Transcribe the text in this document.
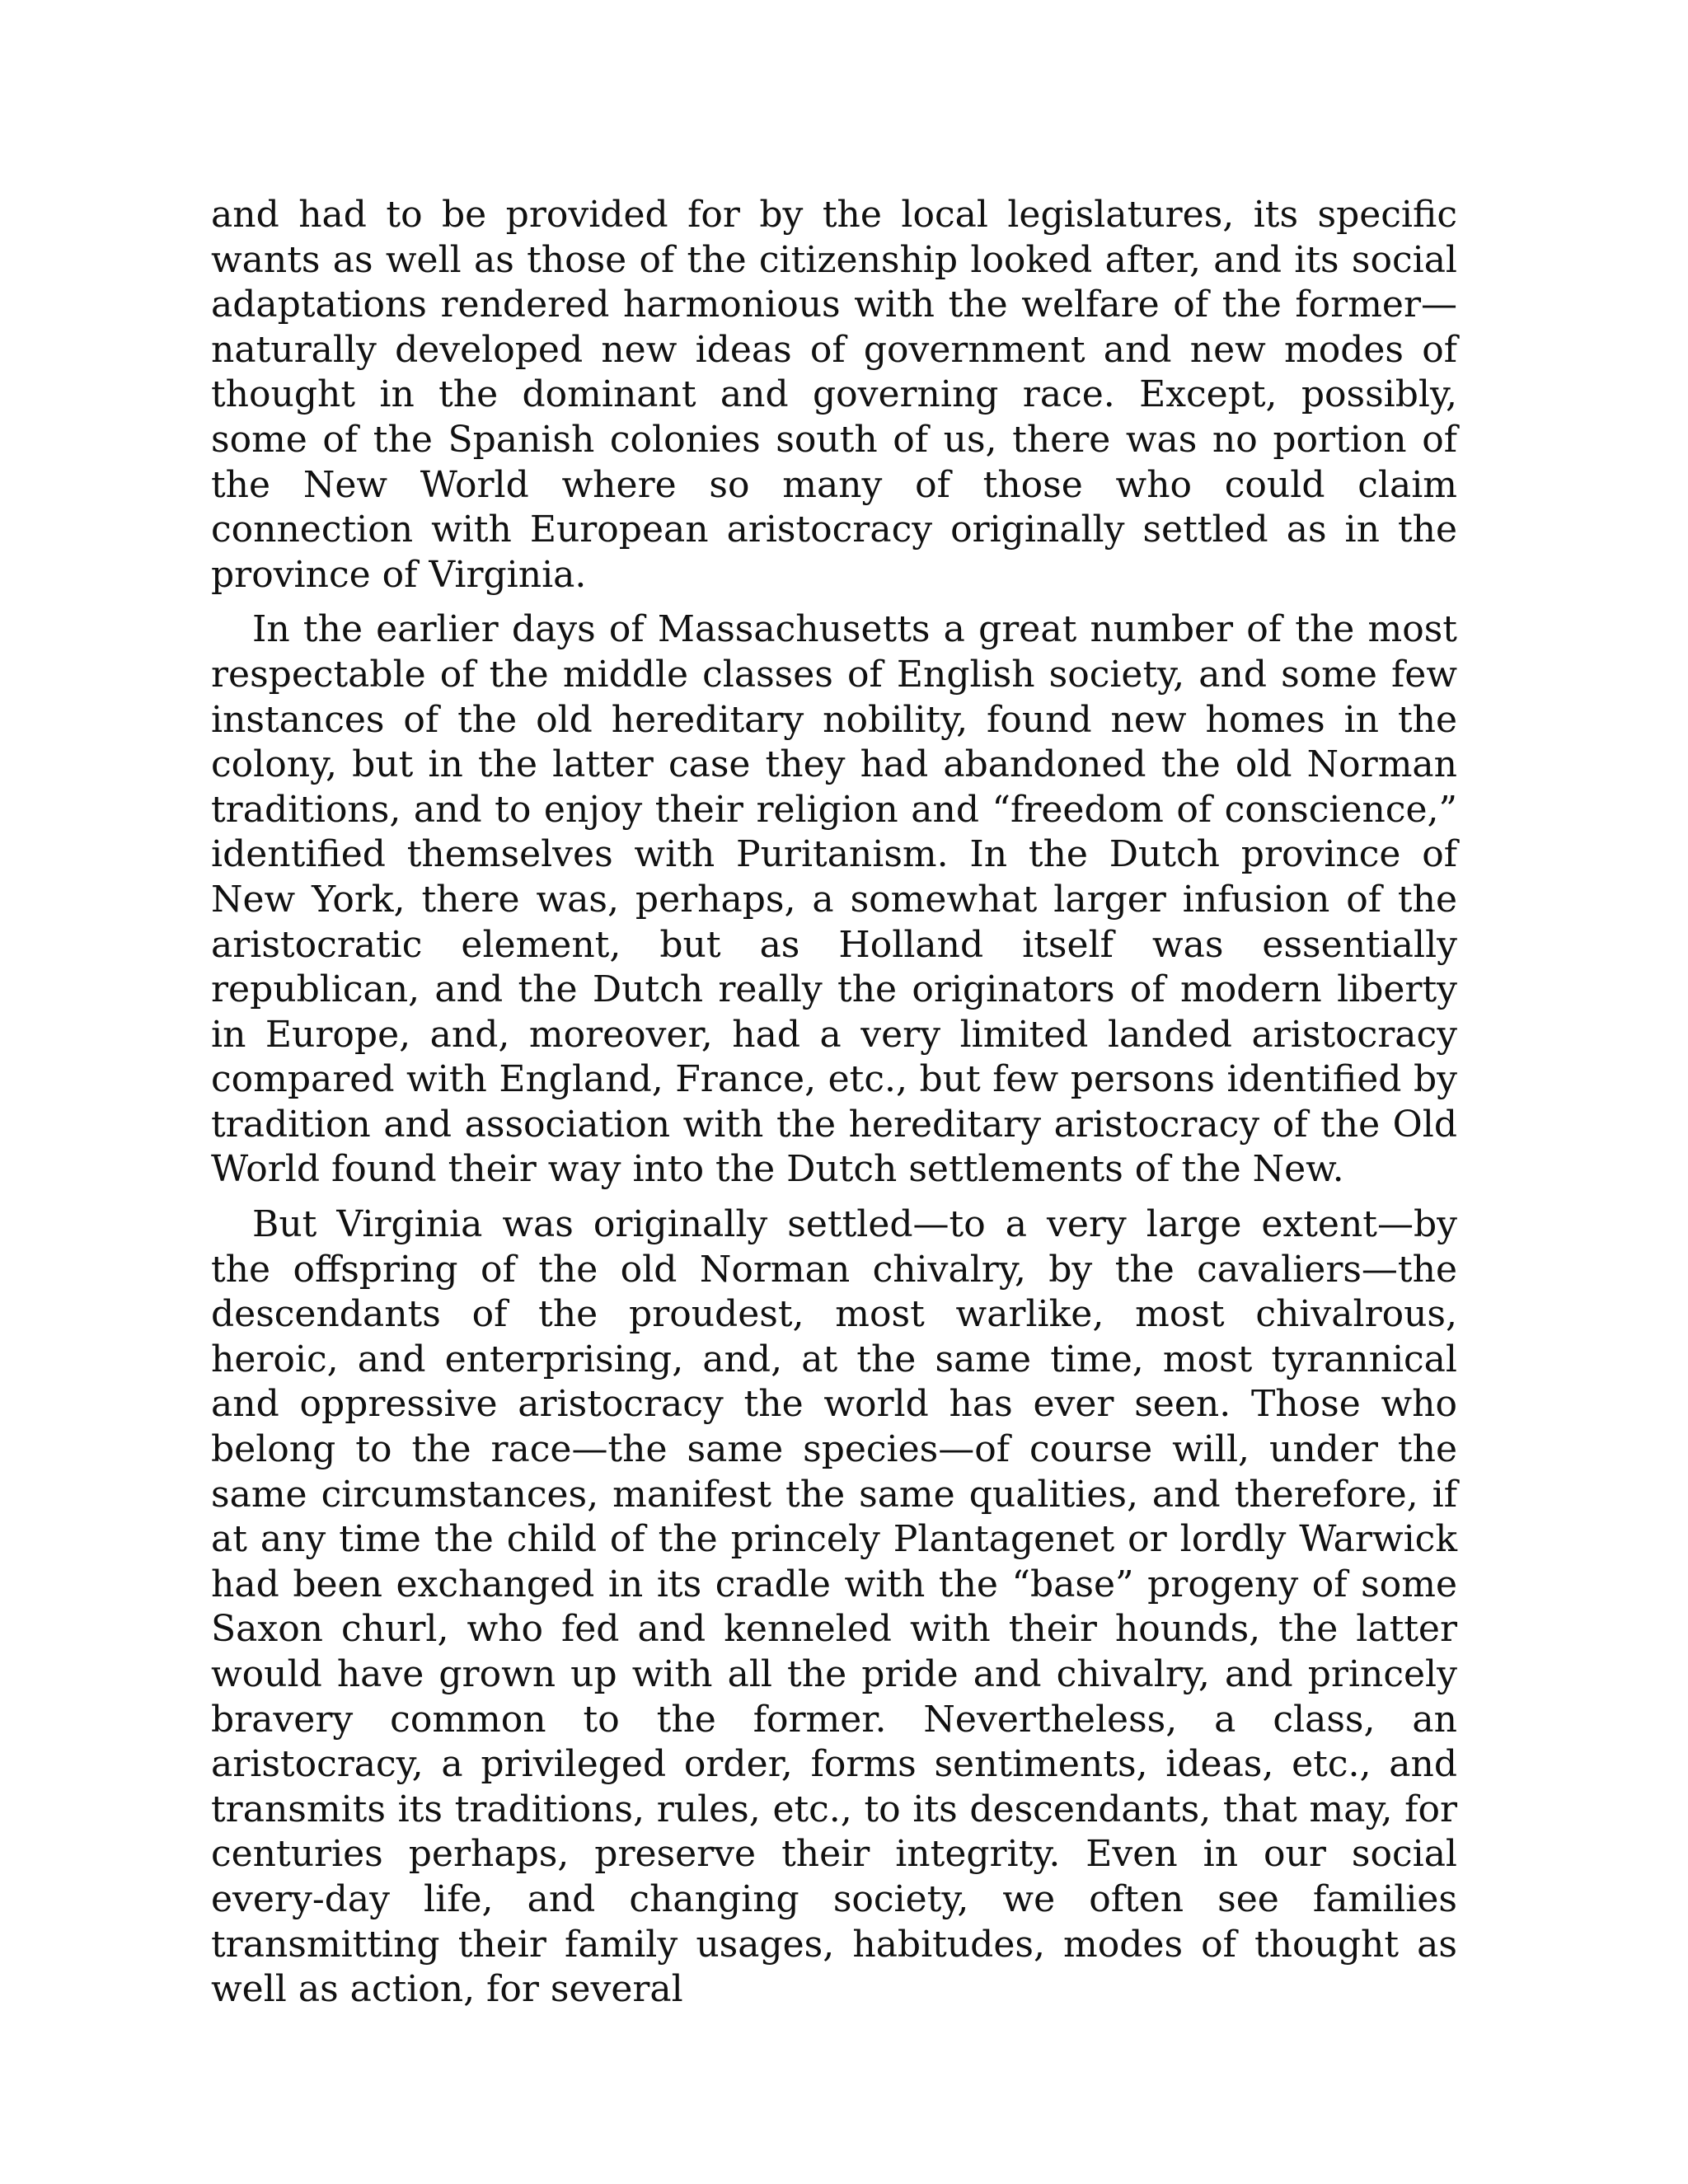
and had to be provided for by the local legislatures, its specific wants as well as those of the citizenship looked after, and its social adaptations rendered harmonious with the welfare of the former—naturally developed new ideas of government and new modes of thought in the dominant and governing race. Except, possibly, some of the Spanish colonies south of us, there was no portion of the New World where so many of those who could claim connection with European aristocracy originally settled as in the province of Virginia.

In the earlier days of Massachusetts a great number of the most respectable of the middle classes of English society, and some few instances of the old hereditary nobility, found new homes in the colony, but in the latter case they had abandoned the old Norman traditions, and to enjoy their religion and “freedom of conscience,” identified themselves with Puritanism. In the Dutch province of New York, there was, perhaps, a somewhat larger infusion of the aristocratic element, but as Holland itself was essentially republican, and the Dutch really the originators of modern liberty in Europe, and, moreover, had a very limited landed aristocracy compared with England, France, etc., but few persons identified by tradition and association with the hereditary aristocracy of the Old World found their way into the Dutch settlements of the New.

But Virginia was originally settled—to a very large extent—by the offspring of the old Norman chivalry, by the cavaliers—the descendants of the proudest, most warlike, most chivalrous, heroic, and enterprising, and, at the same time, most tyrannical and oppressive aristocracy the world has ever seen. Those who belong to the race—the same species—of course will, under the same circumstances, manifest the same qualities, and therefore, if at any time the child of the princely Plantagenet or lordly Warwick had been exchanged in its cradle with the “base” progeny of some Saxon churl, who fed and kenneled with their hounds, the latter would have grown up with all the pride and chivalry, and princely bravery common to the former. Nevertheless, a class, an aristocracy, a privileged order, forms sentiments, ideas, etc., and transmits its traditions, rules, etc., to its descendants, that may, for centuries perhaps, preserve their integrity. Even in our social every-day life, and changing society, we often see families transmitting their family usages, habitudes, modes of thought as well as action, for several
